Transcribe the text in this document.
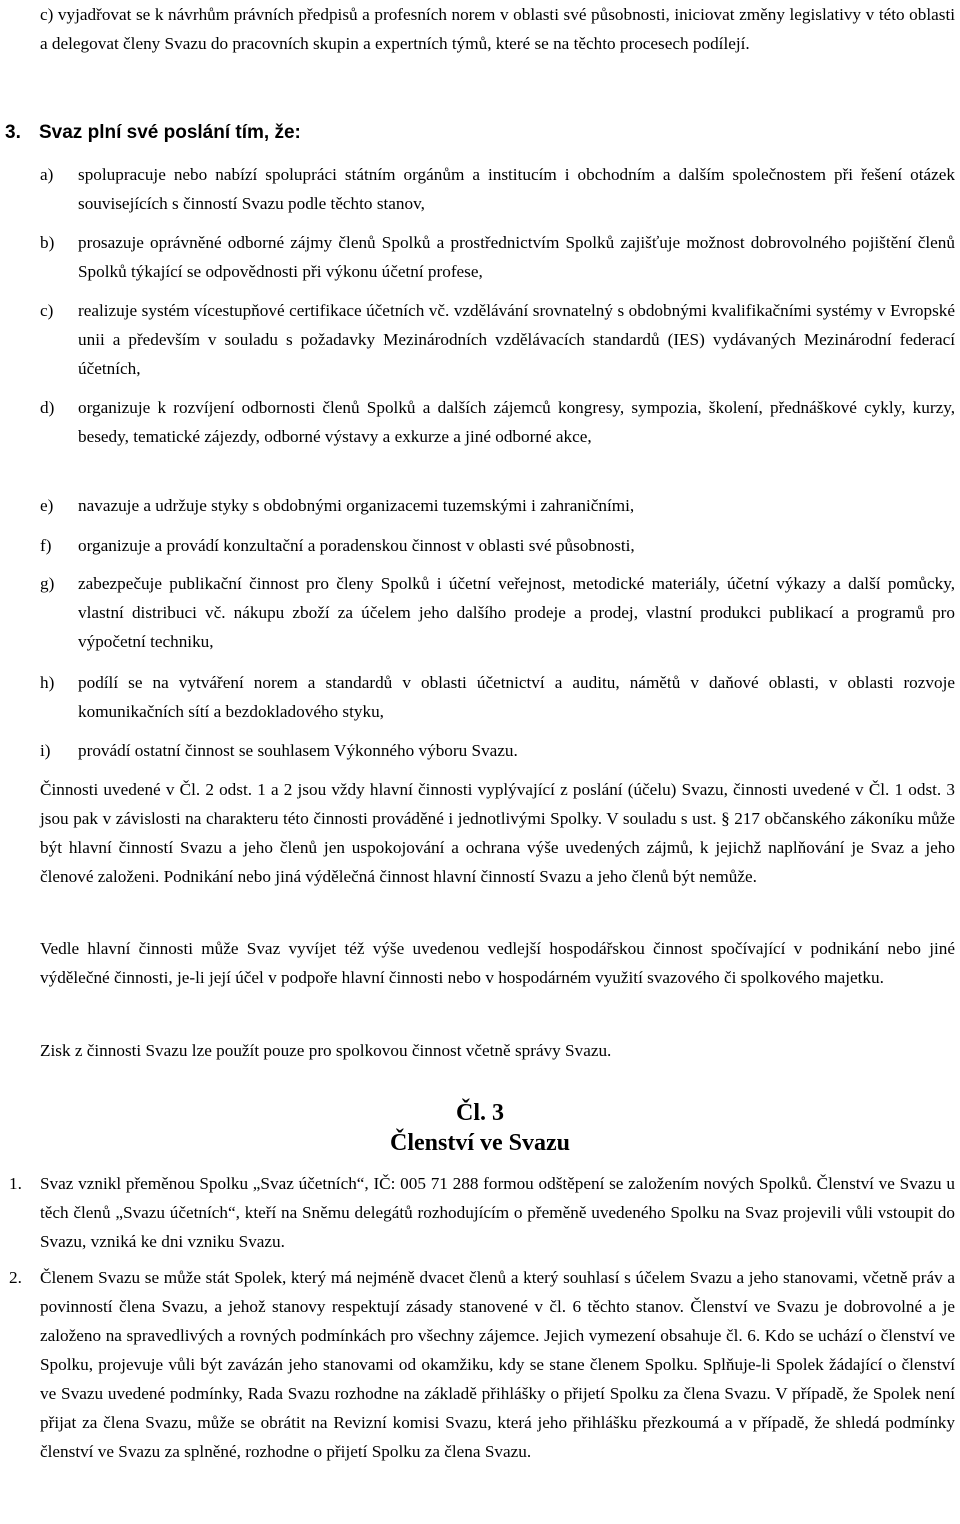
c) vyjadřovat se k návrhům právních předpisů a profesních norem v oblasti své působnosti, iniciovat změny legislativy v této oblasti a delegovat členy Svazu do pracovních skupin a expertních týmů, které se na těchto procesech podílejí.

3. Svaz plní své poslání tím, že:
a)	spolupracuje nebo nabízí spolupráci státním orgánům a institucím i obchodním a dalším společnostem při řešení otázek souvisejících s činností Svazu podle těchto stanov,
b)	prosazuje oprávněné odborné zájmy členů Spolků a prostřednictvím Spolků zajišťuje možnost dobrovolného pojištění členů Spolků týkající se odpovědnosti při výkonu účetní profese,
c)	realizuje systém vícestupňové certifikace účetních vč. vzdělávání srovnatelný s obdobnými kvalifikačními systémy v Evropské unii a především v souladu s požadavky Mezinárodních vzdělávacích standardů (IES) vydávaných Mezinárodní federací účetních,
d)	organizuje k rozvíjení odbornosti členů Spolků a dalších zájemců kongresy, sympozia, školení, přednáškové cykly, kurzy, besedy, tematické zájezdy, odborné výstavy a exkurze a jiné odborné akce,
e)	navazuje a udržuje styky s obdobnými organizacemi tuzemskými i zahraničními,
f)	organizuje a provádí konzultační a poradenskou činnost v oblasti své působnosti,
g)	zabezpečuje publikační činnost pro členy Spolků i účetní veřejnost, metodické materiály, účetní výkazy a další pomůcky, vlastní distribuci vč. nákupu zboží za účelem jeho dalšího prodeje a prodej, vlastní produkci publikací a programů pro výpočetní techniku,
h)	podílí se na vytváření norem a standardů v oblasti účetnictví a auditu, námětů v daňové oblasti, v oblasti rozvoje komunikačních sítí a bezdokladového styku,
i)	provádí ostatní činnost se souhlasem Výkonného výboru Svazu.

Činnosti uvedené v Čl. 2 odst. 1 a 2 jsou vždy hlavní činnosti vyplývající z poslání (účelu) Svazu, činnosti uvedené v Čl. 1 odst. 3 jsou pak v závislosti na charakteru této činnosti prováděné i jednotlivými Spolky. V souladu s ust. § 217 občanského zákoníku může být hlavní činností Svazu a jeho členů jen uspokojování a ochrana výše uvedených zájmů, k jejichž naplňování je Svaz a jeho členové založeni. Podnikání nebo jiná výdělečná činnost hlavní činností Svazu a jeho členů být nemůže.

Vedle hlavní činnosti může Svaz vyvíjet též výše uvedenou vedlejší hospodářskou činnost spočívající v podnikání nebo jiné výdělečné činnosti, je-li její účel v podpoře hlavní činnosti nebo v hospodárném využití svazového či spolkového majetku.

Zisk z činnosti Svazu lze použít pouze pro spolkovou činnost včetně správy Svazu.

Čl. 3
Členství ve Svazu
1.	Svaz vznikl přeměnou Spolku „Svaz účetních“, IČ: 005 71 288 formou odštěpení se založením nových Spolků. Členství ve Svazu u těch členů „Svazu účetních“, kteří na Sněmu delegátů rozhodujícím o přeměně uvedeného Spolku na Svaz projevili vůli vstoupit do Svazu, vzniká ke dni vzniku Svazu.
2.	Členem Svazu se může stát Spolek, který má nejméně dvacet členů a který souhlasí s účelem Svazu a jeho stanovami, včetně práv a povinností člena Svazu, a jehož stanovy respektují zásady stanovené v čl. 6 těchto stanov. Členství ve Svazu je dobrovolné a je založeno na spravedlivých a rovných podmínkách pro všechny zájemce. Jejich vymezení obsahuje čl. 6. Kdo se uchází o členství ve Spolku, projevuje vůli být zavázán jeho stanovami od okamžiku, kdy se stane členem Spolku. Splňuje-li Spolek žádající o členství ve Svazu uvedené podmínky, Rada Svazu rozhodne na základě přihlášky o přijetí Spolku za člena Svazu. V případě, že Spolek není přijat za člena Svazu, může se obrátit na Revizní komisi Svazu, která jeho přihlášku přezkoumá a v případě, že shledá podmínky členství ve Svazu za splněné, rozhodne o přijetí Spolku za člena Svazu.
